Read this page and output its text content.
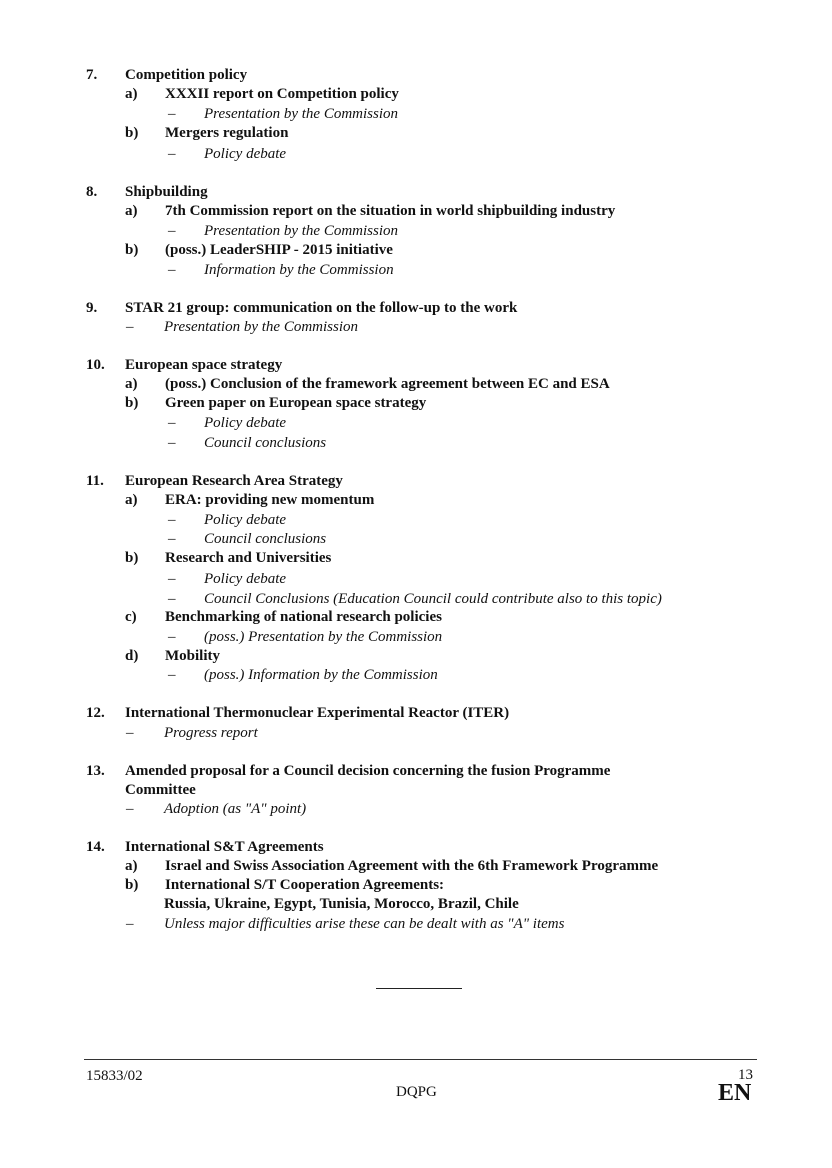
7. Competition policy
a) XXXII report on Competition policy
– Presentation by the Commission
b) Mergers regulation
– Policy debate
8. Shipbuilding
a) 7th Commission report on the situation in world shipbuilding industry
– Presentation by the Commission
b) (poss.) LeaderSHIP - 2015 initiative
– Information by the Commission
9. STAR 21 group: communication on the follow-up to the work
– Presentation by the Commission
10. European space strategy
a) (poss.) Conclusion of the framework agreement between EC and ESA
b) Green paper on European space strategy
– Policy debate
– Council conclusions
11. European Research Area Strategy
a) ERA: providing new momentum
– Policy debate
– Council conclusions
b) Research and Universities
– Policy debate
– Council Conclusions (Education Council could contribute also to this topic)
c) Benchmarking of national research policies
– (poss.) Presentation by the Commission
d) Mobility
– (poss.) Information by the Commission
12. International Thermonuclear Experimental Reactor (ITER)
– Progress report
13. Amended proposal for a Council decision concerning the fusion Programme
Committee
– Adoption (as "A" point)
14. International S&T Agreements
a) Israel and Swiss Association Agreement with the 6th Framework Programme
b) International S/T Cooperation Agreements:
Russia, Ukraine, Egypt, Tunisia, Morocco, Brazil, Chile
– Unless major difficulties arise these can be dealt with as "A" items
15833/02
DQPG
13
EN
